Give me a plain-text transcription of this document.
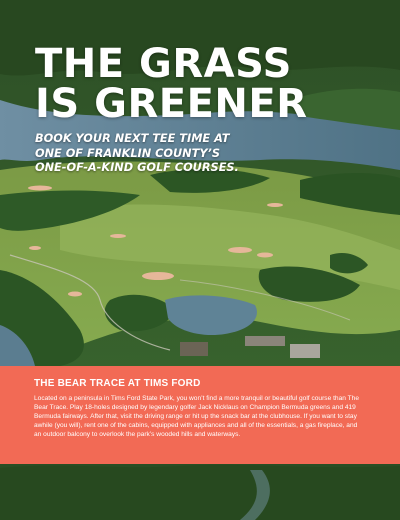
THE GRASS
IS GREENER

BOOK YOUR NEXT TEE TIME AT
ONE OF FRANKLIN COUNTY’S
ONE-OF-A-KIND GOLF COURSES.

THE BEAR TRACE AT TIMS FORD

Located on a peninsula in Tims Ford State Park, you won’t find a more tranquil or beautiful golf course than The Bear Trace. Play 18-holes designed by legendary golfer Jack Nicklaus on Champion Bermuda greens and 419 Bermuda fairways. After that, visit the driving range or hit up the snack bar at the clubhouse. If you want to stay awhile (you will), rent one of the cabins, equipped with appliances and all of the essentials, a gas fireplace, and an outdoor balcony to overlook the park’s wooded hills and waterways.
